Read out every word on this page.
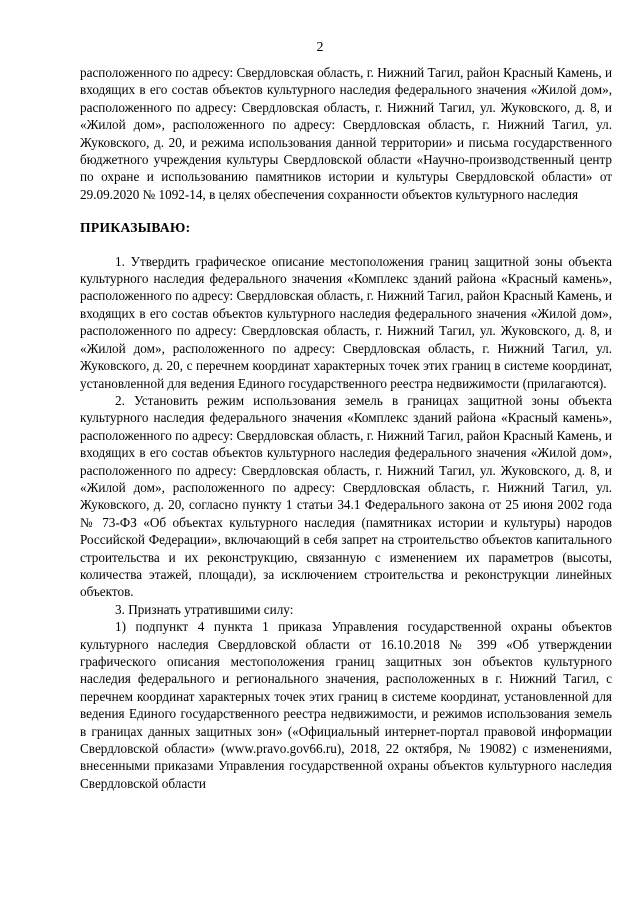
2

расположенного по адресу: Свердловская область, г. Нижний Тагил, район Красный Камень, и входящих в его состав объектов культурного наследия федерального значения «Жилой дом», расположенного по адресу: Свердловская область, г. Нижний Тагил, ул. Жуковского, д. 8, и «Жилой дом», расположенного по адресу: Свердловская область, г. Нижний Тагил, ул. Жуковского, д. 20, и режима использования данной территории» и письма государственного бюджетного учреждения культуры Свердловской области «Научно-производственный центр по охране и использованию памятников истории и культуры Свердловской области» от 29.09.2020 № 1092-14, в целях обеспечения сохранности объектов культурного наследия

ПРИКАЗЫВАЮ:

1. Утвердить графическое описание местоположения границ защитной зоны объекта культурного наследия федерального значения «Комплекс зданий района «Красный камень», расположенного по адресу: Свердловская область, г. Нижний Тагил, район Красный Камень, и входящих в его состав объектов культурного наследия федерального значения «Жилой дом», расположенного по адресу: Свердловская область, г. Нижний Тагил, ул. Жуковского, д. 8, и «Жилой дом», расположенного по адресу: Свердловская область, г. Нижний Тагил, ул. Жуковского, д. 20, с перечнем координат характерных точек этих границ в системе координат, установленной для ведения Единого государственного реестра недвижимости (прилагаются).

2. Установить режим использования земель в границах защитной зоны объекта культурного наследия федерального значения «Комплекс зданий района «Красный камень», расположенного по адресу: Свердловская область, г. Нижний Тагил, район Красный Камень, и входящих в его состав объектов культурного наследия федерального значения «Жилой дом», расположенного по адресу: Свердловская область, г. Нижний Тагил, ул. Жуковского, д. 8, и «Жилой дом», расположенного по адресу: Свердловская область, г. Нижний Тагил, ул. Жуковского, д. 20, согласно пункту 1 статьи 34.1 Федерального закона от 25 июня 2002 года № 73-ФЗ «Об объектах культурного наследия (памятниках истории и культуры) народов Российской Федерации», включающий в себя запрет на строительство объектов капитального строительства и их реконструкцию, связанную с изменением их параметров (высоты, количества этажей, площади), за исключением строительства и реконструкции линейных объектов.

3. Признать утратившими силу:

1) подпункт 4 пункта 1 приказа Управления государственной охраны объектов культурного наследия Свердловской области от 16.10.2018 № 399 «Об утверждении графического описания местоположения границ защитных зон объектов культурного наследия федерального и регионального значения, расположенных в г. Нижний Тагил, с перечнем координат характерных точек этих границ в системе координат, установленной для ведения Единого государственного реестра недвижимости, и режимов использования земель в границах данных защитных зон» («Официальный интернет-портал правовой информации Свердловской области» (www.pravo.gov66.ru), 2018, 22 октября, № 19082) с изменениями, внесенными приказами Управления государственной охраны объектов культурного наследия Свердловской области
